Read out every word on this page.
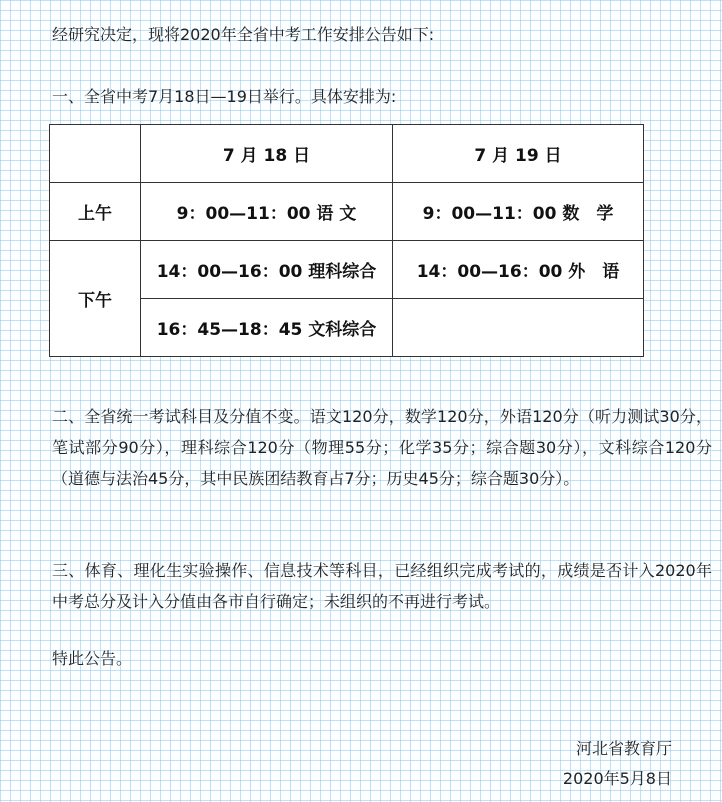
经研究决定，现将2020年全省中考工作安排公告如下:

一、全省中考7月18日—19日举行。具体安排为:

	7 月 18 日	7 月 19 日
上午	9：00—11：00 语 文	9：00—11：00 数　学
下午	14：00—16：00 理科综合	14：00—16：00 外　语
	16：45—18：45 文科综合	

二、全省统一考试科目及分值不变。语文120分，数学120分，外语120分（听力测试30分，笔试部分90分），理科综合120分（物理55分；化学35分；综合题30分），文科综合120分（道德与法治45分，其中民族团结教育占7分；历史45分；综合题30分）。

三、体育、理化生实验操作、信息技术等科目，已经组织完成考试的，成绩是否计入2020年中考总分及计入分值由各市自行确定；未组织的不再进行考试。

特此公告。

河北省教育厅
2020年5月8日
